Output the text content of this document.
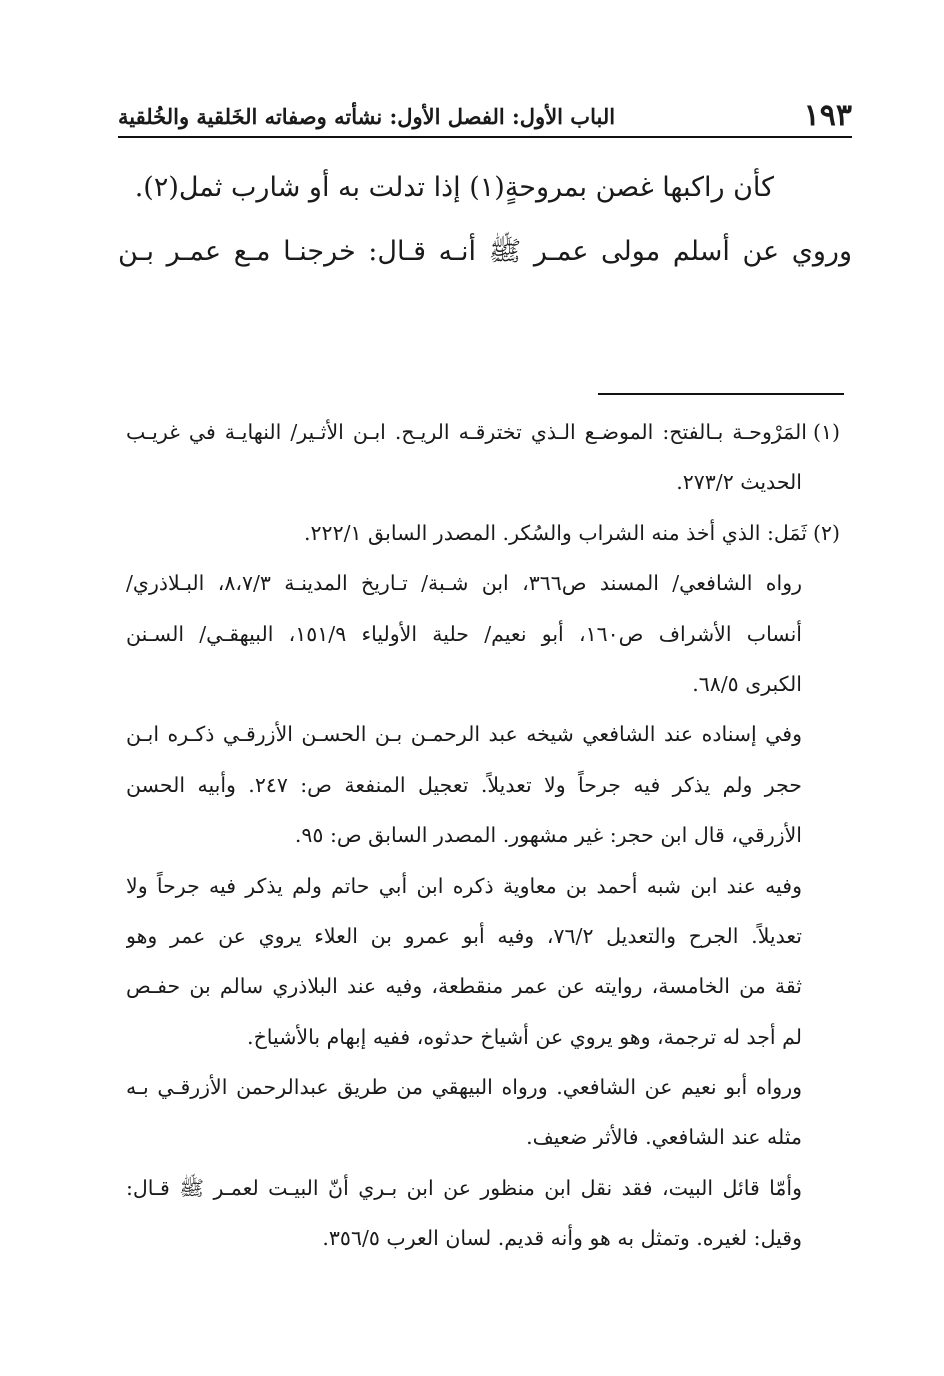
١٩٣
الباب الأول: الفصل الأول: نشأته وصفاته الخَلقية والخُلقية
كأن راكبها غصن بمروحةٍ(١) إذا تدلت به أو شارب ثمل(٢).
وروي عن أسلم مولى عمـر ﷺ أنـه قـال: خرجنـا مـع عمـر بـن
(١)المَرْوحـة بـالفتح: الموضـع الـذي تخترقـه الريـح. ابـن الأثـير/ النهايـة في غريـب
الحديث ٢٧٣/٢.
(٢)ثَمَل: الذي أخذ منه الشراب والسُكر. المصدر السابق ٢٢٢/١.
رواه الشافعي/ المسند ص٣٦٦، ابن شـبة/ تـاريخ المدينـة ٨،٧/٣، البـلاذري/
أنساب الأشراف ص١٦٠، أبو نعيم/ حلية الأولياء ١٥١/٩، البيهقـي/ السـنن
الكبرى ٦٨/٥.
وفي إسناده عند الشافعي شيخه عبد الرحمـن بـن الحسـن الأزرقـي ذكـره ابـن
حجر ولم يذكر فيه جرحاً ولا تعديلاً. تعجيل المنفعة ص: ٢٤٧. وأبيه الحسن
الأزرقي، قال ابن حجر: غير مشهور. المصدر السابق ص: ٩٥.
وفيه عند ابن شبه أحمد بن معاوية ذكره ابن أبي حاتم ولم يذكر فيه جرحاً ولا
تعديلاً. الجرح والتعديل ٧٦/٢، وفيه أبو عمرو بن العلاء يروي عن عمر وهو
ثقة من الخامسة، روايته عن عمر منقطعة، وفيه عند البلاذري سالم بن حفـص
لم أجد له ترجمة، وهو يروي عن أشياخ حدثوه، ففيه إبهام بالأشياخ.
ورواه أبو نعيم عن الشافعي. ورواه البيهقي من طريق عبدالرحمن الأزرقـي بـه
مثله عند الشافعي. فالأثر ضعيف.
وأمّا قائل البيت، فقد نقل ابن منظور عن ابن بـري أنّ البيـت لعمـر ﷺ قـال:
وقيل: لغيره. وتمثل به هو وأنه قديم. لسان العرب ٣٥٦/٥.
